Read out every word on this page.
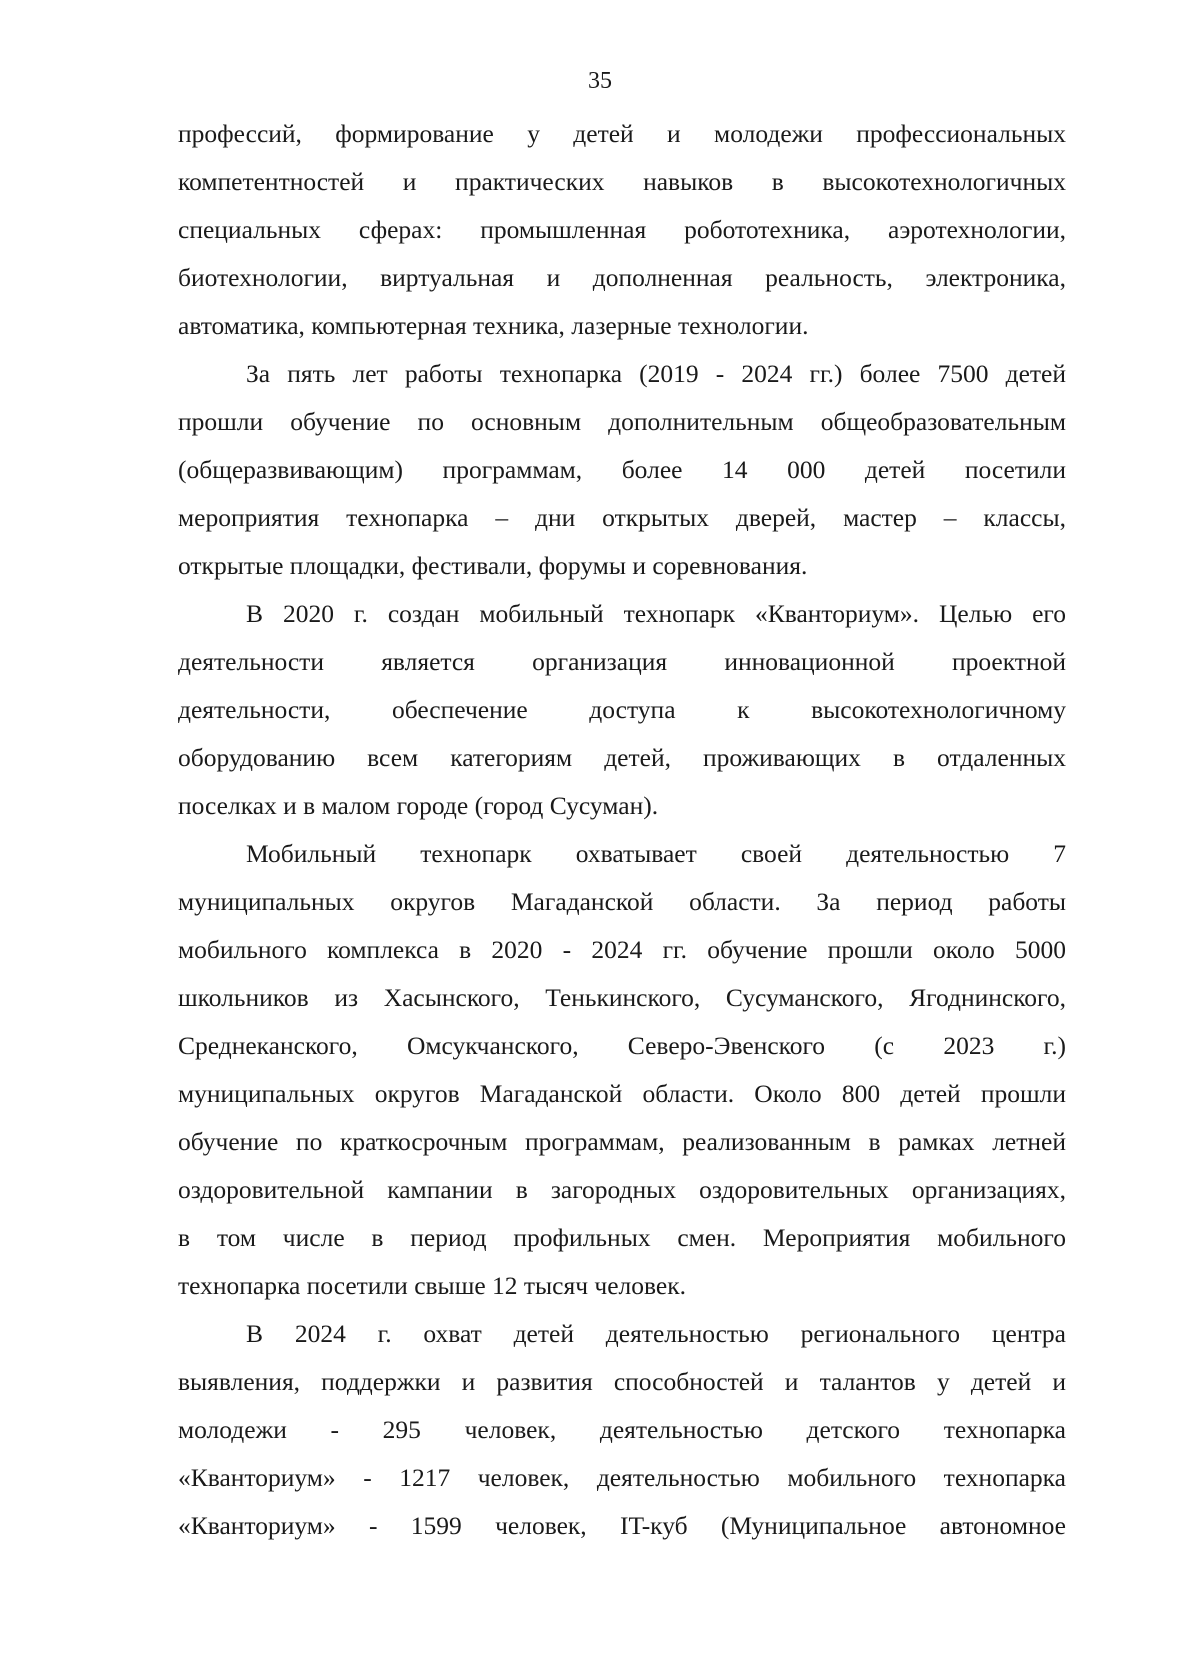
35

профессий, формирование у детей и молодежи профессиональных
компетентностей и практических навыков в высокотехнологичных
специальных сферах: промышленная робототехника, аэротехнологии,
биотехнологии, виртуальная и дополненная реальность, электроника,
автоматика, компьютерная техника, лазерные технологии.

За пять лет работы технопарка (2019 - 2024 гг.) более 7500 детей
прошли обучение по основным дополнительным общеобразовательным
(общеразвивающим) программам, более 14 000 детей посетили
мероприятия технопарка – дни открытых дверей, мастер – классы,
открытые площадки, фестивали, форумы и соревнования.

В 2020 г. создан мобильный технопарк «Кванториум». Целью его
деятельности является организация инновационной проектной
деятельности, обеспечение доступа к высокотехнологичному
оборудованию всем категориям детей, проживающих в отдаленных
поселках и в малом городе (город Сусуман).

Мобильный технопарк охватывает своей деятельностью 7
муниципальных округов Магаданской области. За период работы
мобильного комплекса в 2020 - 2024 гг. обучение прошли около 5000
школьников из Хасынского, Тенькинского, Сусуманского, Ягоднинского,
Среднеканского, Омсукчанского, Северо-Эвенского (с 2023 г.)
муниципальных округов Магаданской области. Около 800 детей прошли
обучение по краткосрочным программам, реализованным в рамках летней
оздоровительной кампании в загородных оздоровительных организациях,
в том числе в период профильных смен. Мероприятия мобильного
технопарка посетили свыше 12 тысяч человек.

В 2024 г. охват детей деятельностью регионального центра
выявления, поддержки и развития способностей и талантов у детей и
молодежи - 295 человек, деятельностью детского технопарка
«Кванториум» - 1217 человек, деятельностью мобильного технопарка
«Кванториум» - 1599 человек, IT-куб (Муниципальное автономное
